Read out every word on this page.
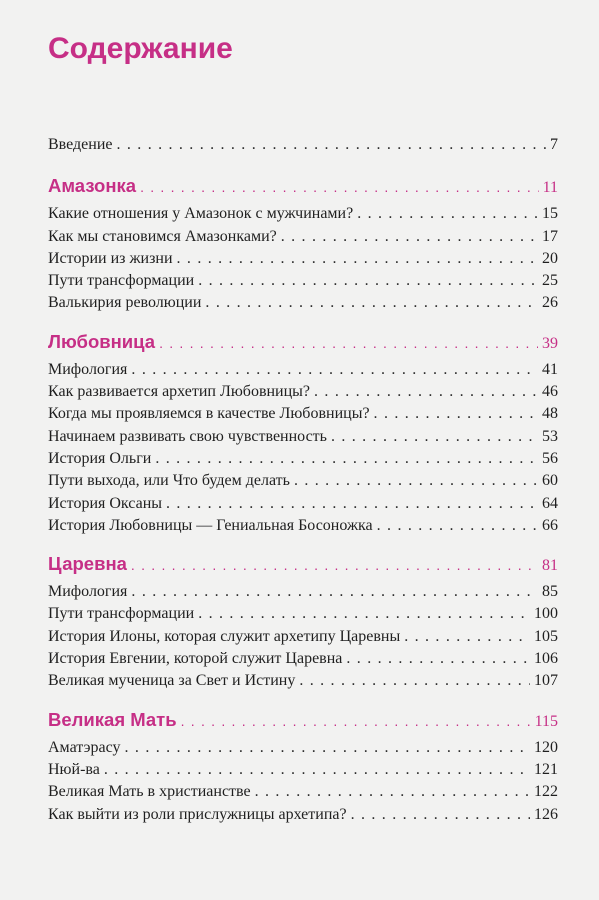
Содержание
Введение . . .	7
Амазонка . . .	11
Какие отношения у Амазонок с мужчинами? . . .	15
Как мы становимся Амазонками? . . .	17
Истории из жизни . . .	20
Пути трансформации . . .	25
Валькирия революции . . .	26
Любовница . . .	39
Мифология . . .	41
Как развивается архетип Любовницы? . . .	46
Когда мы проявляемся в качестве Любовницы? . . .	48
Начинаем развивать свою чувственность . . .	53
История Ольги . . .	56
Пути выхода, или Что будем делать . . .	60
История Оксаны . . .	64
История Любовницы — Гениальная Босоножка . . .	66
Царевна . . .	81
Мифология . . .	85
Пути трансформации . . .	100
История Илоны, которая служит архетипу Царевны . . .	105
История Евгении, которой служит Царевна . . .	106
Великая мученица за Свет и Истину . . .	107
Великая Мать . . .	115
Аматэрасу . . .	120
Нюй-ва . . .	121
Великая Мать в христианстве . . .	122
Как выйти из роли прислужницы архетипа? . . .	126
